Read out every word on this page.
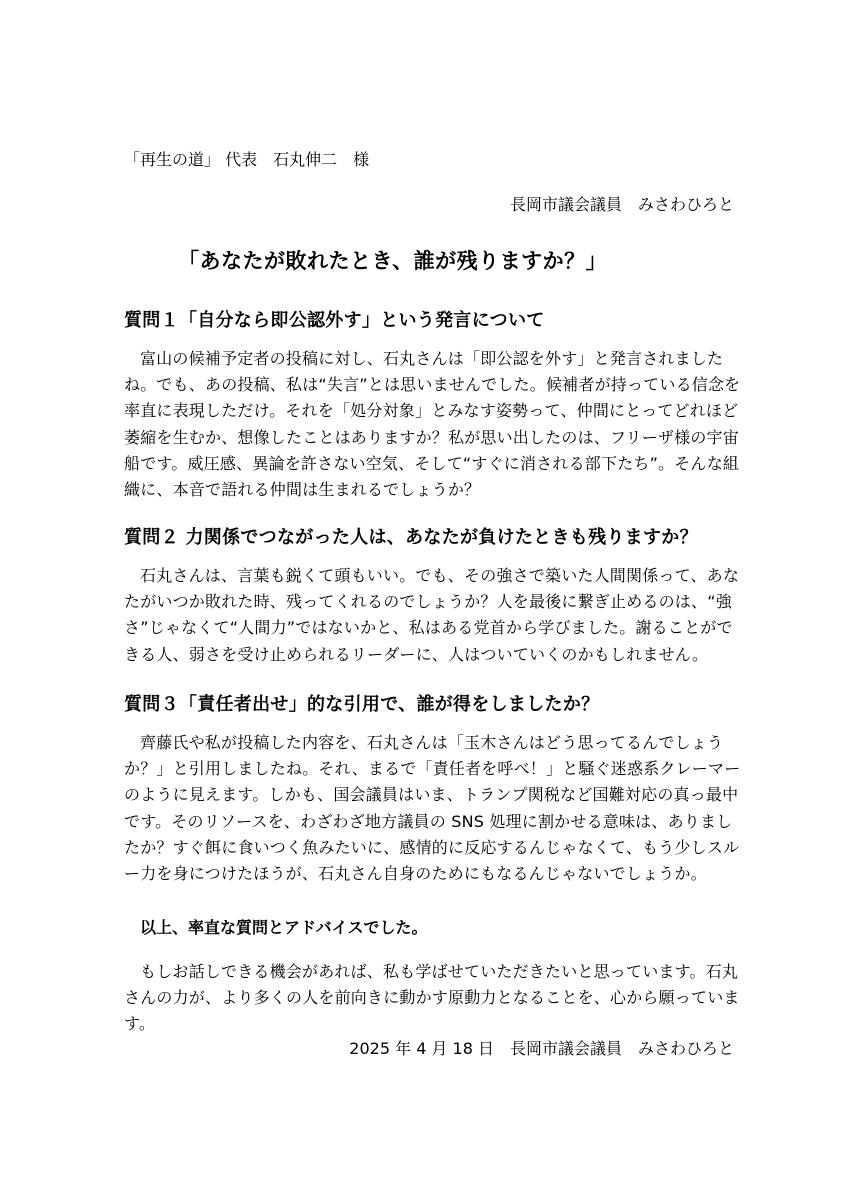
「再生の道」 代表　石丸伸二　様
長岡市議会議員　みさわひろと
「あなたが敗れたとき、誰が残りますか？」
質問１「自分なら即公認外す」という発言について

富山の候補予定者の投稿に対し、石丸さんは「即公認を外す」と発言されましたね。でも、あの投稿、私は“失言”とは思いませんでした。候補者が持っている信念を率直に表現しただけ。それを「処分対象」とみなす姿勢って、仲間にとってどれほど萎縮を生むか、想像したことはありますか？私が思い出したのは、フリーザ様の宇宙船です。威圧感、異論を許さない空気、そして“すぐに消される部下たち”。そんな組織に、本音で語れる仲間は生まれるでしょうか？

質問２ 力関係でつながった人は、あなたが負けたときも残りますか？

石丸さんは、言葉も鋭くて頭もいい。でも、その強さで築いた人間関係って、あなたがいつか敗れた時、残ってくれるのでしょうか？人を最後に繋ぎ止めるのは、“強さ”じゃなくて“人間力”ではないかと、私はある党首から学びました。謝ることができる人、弱さを受け止められるリーダーに、人はついていくのかもしれません。

質問３「責任者出せ」的な引用で、誰が得をしましたか？

齊藤氏や私が投稿した内容を、石丸さんは「玉木さんはどう思ってるんでしょうか？」と引用しましたね。それ、まるで「責任者を呼べ！」と騒ぐ迷惑系クレーマーのように見えます。しかも、国会議員はいま、トランプ関税など国難対応の真っ最中です。そのリソースを、わざわざ地方議員の SNS 処理に割かせる意味は、ありましたか？すぐ餌に食いつく魚みたいに、感情的に反応するんじゃなくて、もう少しスルー力を身につけたほうが、石丸さん自身のためにもなるんじゃないでしょうか。

以上、率直な質問とアドバイスでした。

もしお話しできる機会があれば、私も学ばせていただきたいと思っています。石丸さんの力が、より多くの人を前向きに動かす原動力となることを、心から願っています。

2025 年 4 月 18 日　長岡市議会議員　みさわひろと
